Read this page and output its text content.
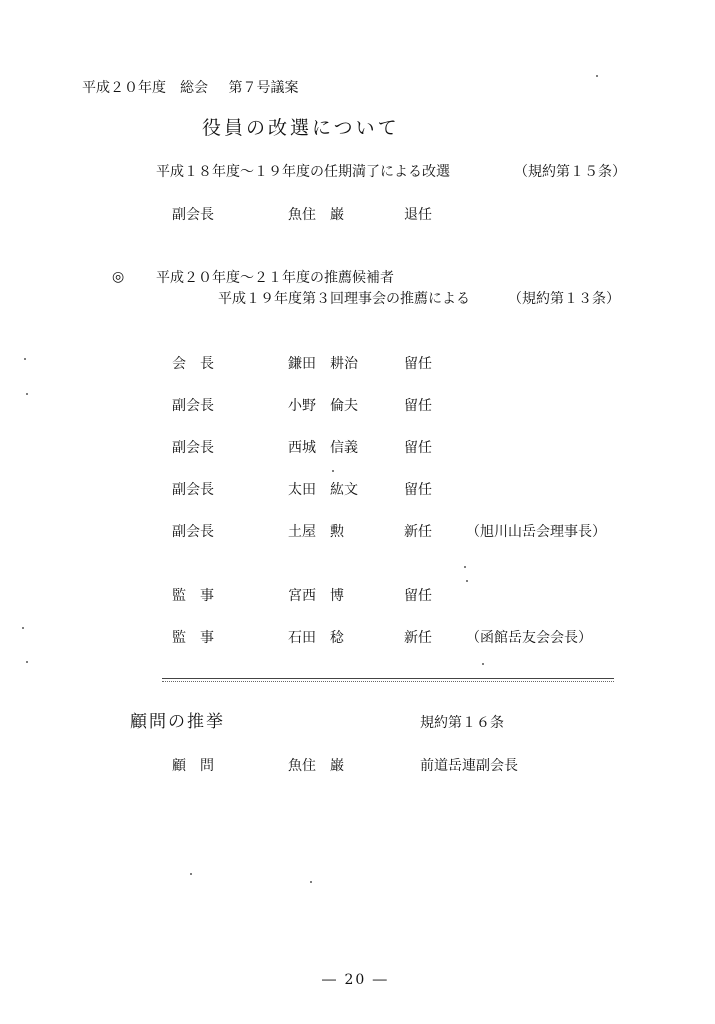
平成２０年度　総会 第７号議案
役員の改選について
平成１８年度～１９年度の任期満了による改選	（規約第１５条）
副会長	魚住　巌	退任
◎ 平成２０年度～２１年度の推薦候補者
平成１９年度第３回理事会の推薦による	（規約第１３条）
会　長	鎌田　耕治	留任
副会長	小野　倫夫	留任
副会長	西城　信義	留任
副会長	太田　紘文	留任
副会長	土屋　勲	新任 （旭川山岳会理事長）
監　事	宮西　博	留任
監　事	石田　稔	新任 （函館岳友会会長）
顧問の推挙	規約第１６条
顧　問	魚住　巌	前道岳連副会長
― 20 ―
